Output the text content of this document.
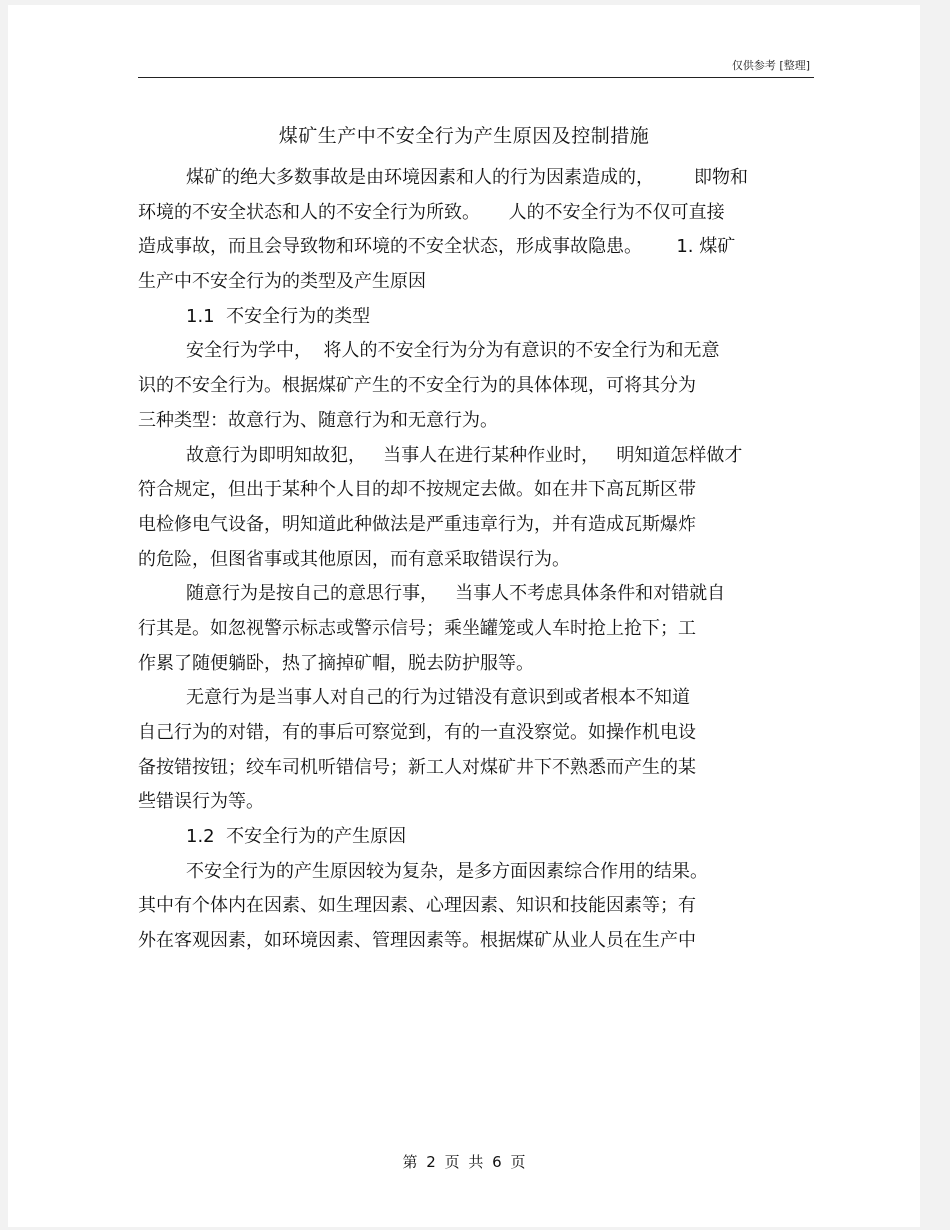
仅供参考 [整理]
煤矿生产中不安全行为产生原因及控制措施
煤矿的绝大多数事故是由环境因素和人的行为因素造成的，       即物和
环境的不安全状态和人的不安全行为所致。     人的不安全行为不仅可直接
造成事故，而且会导致物和环境的不安全状态，形成事故隐患。      1. 煤矿
生产中不安全行为的类型及产生原因
1.1  不安全行为的类型
安全行为学中，  将人的不安全行为分为有意识的不安全行为和无意
识的不安全行为。根据煤矿产生的不安全行为的具体体现，可将其分为
三种类型：故意行为、随意行为和无意行为。
故意行为即明知故犯，   当事人在进行某种作业时，   明知道怎样做才
符合规定，但出于某种个人目的却不按规定去做。如在井下高瓦斯区带
电检修电气设备，明知道此种做法是严重违章行为，并有造成瓦斯爆炸
的危险，但图省事或其他原因，而有意采取错误行为。
随意行为是按自己的意思行事，   当事人不考虑具体条件和对错就自
行其是。如忽视警示标志或警示信号；乘坐罐笼或人车时抢上抢下；工
作累了随便躺卧，热了摘掉矿帽，脱去防护服等。
无意行为是当事人对自己的行为过错没有意识到或者根本不知道
自己行为的对错，有的事后可察觉到，有的一直没察觉。如操作机电设
备按错按钮；绞车司机听错信号；新工人对煤矿井下不熟悉而产生的某
些错误行为等。
1.2  不安全行为的产生原因
不安全行为的产生原因较为复杂，是多方面因素综合作用的结果。
其中有个体内在因素、如生理因素、心理因素、知识和技能因素等；有
外在客观因素，如环境因素、管理因素等。根据煤矿从业人员在生产中
第 2 页 共 6 页
